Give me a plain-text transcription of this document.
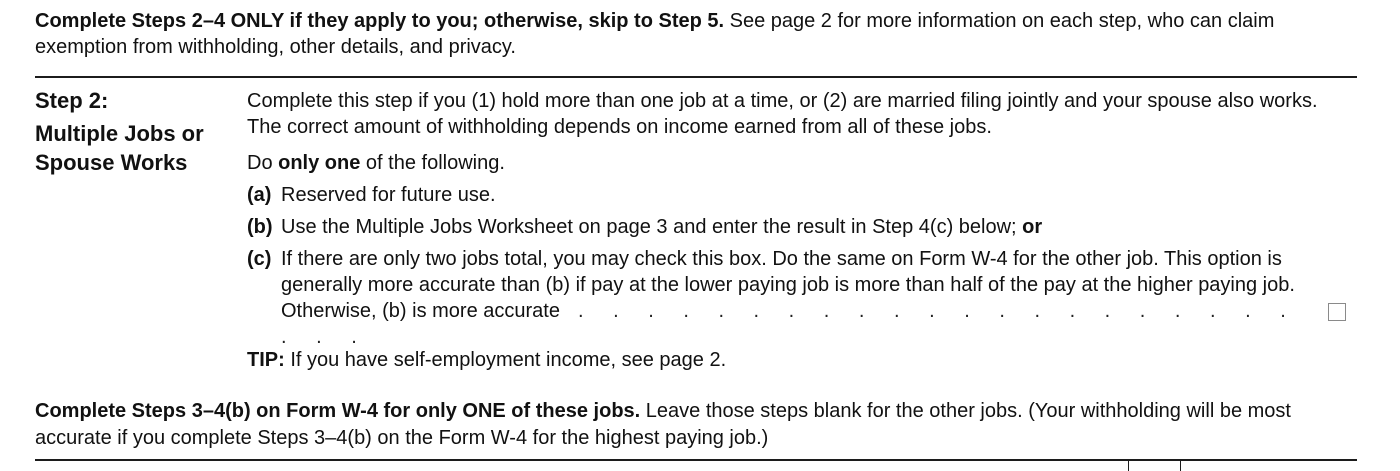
Complete Steps 2–4 ONLY if they apply to you; otherwise, skip to Step 5. See page 2 for more information on each step, who can claim exemption from withholding, other details, and privacy.
Step 2:
Multiple Jobs or Spouse Works

Complete this step if you (1) hold more than one job at a time, or (2) are married filing jointly and your spouse also works. The correct amount of withholding depends on income earned from all of these jobs.

Do only one of the following.

(a) Reserved for future use.
(b) Use the Multiple Jobs Worksheet on page 3 and enter the result in Step 4(c) below; or
(c) If there are only two jobs total, you may check this box. Do the same on Form W-4 for the other job. This option is generally more accurate than (b) if pay at the lower paying job is more than half of the pay at the higher paying job. Otherwise, (b) is more accurate . . . . . . . . . . . . . . . . . . . . . . . .
TIP: If you have self-employment income, see page 2.
Complete Steps 3–4(b) on Form W-4 for only ONE of these jobs. Leave those steps blank for the other jobs. (Your withholding will be most accurate if you complete Steps 3–4(b) on the Form W-4 for the highest paying job.)
